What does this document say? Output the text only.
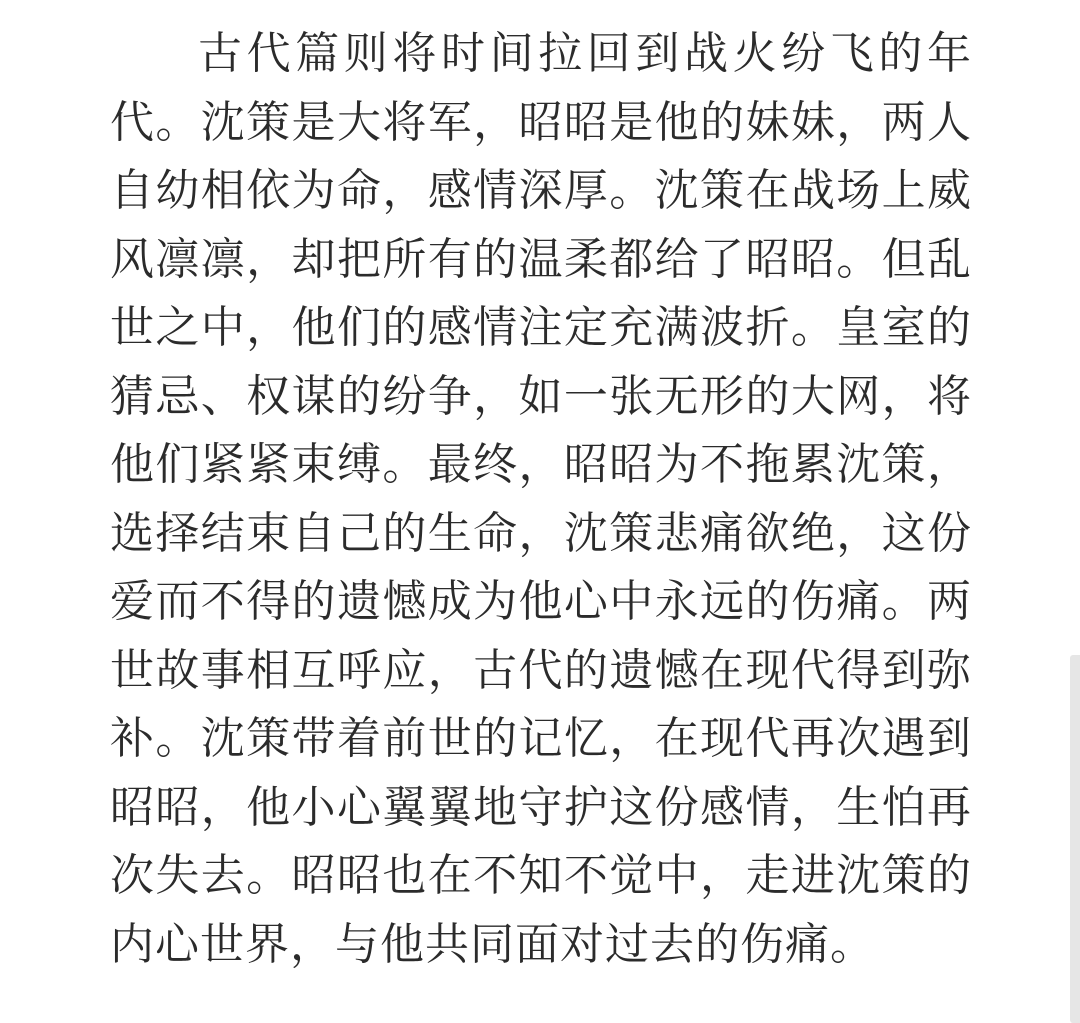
古代篇则将时间拉回到战火纷飞的年代。沈策是大将军，昭昭是他的妹妹，两人自幼相依为命，感情深厚。沈策在战场上威风凛凛，却把所有的温柔都给了昭昭。但乱世之中，他们的感情注定充满波折。皇室的猜忌、权谋的纷争，如一张无形的大网，将他们紧紧束缚。最终，昭昭为不拖累沈策，选择结束自己的生命，沈策悲痛欲绝，这份爱而不得的遗憾成为他心中永远的伤痛。两世故事相互呼应，古代的遗憾在现代得到弥补。沈策带着前世的记忆，在现代再次遇到昭昭，他小心翼翼地守护这份感情，生怕再次失去。昭昭也在不知不觉中，走进沈策的内心世界，与他共同面对过去的伤痛。
